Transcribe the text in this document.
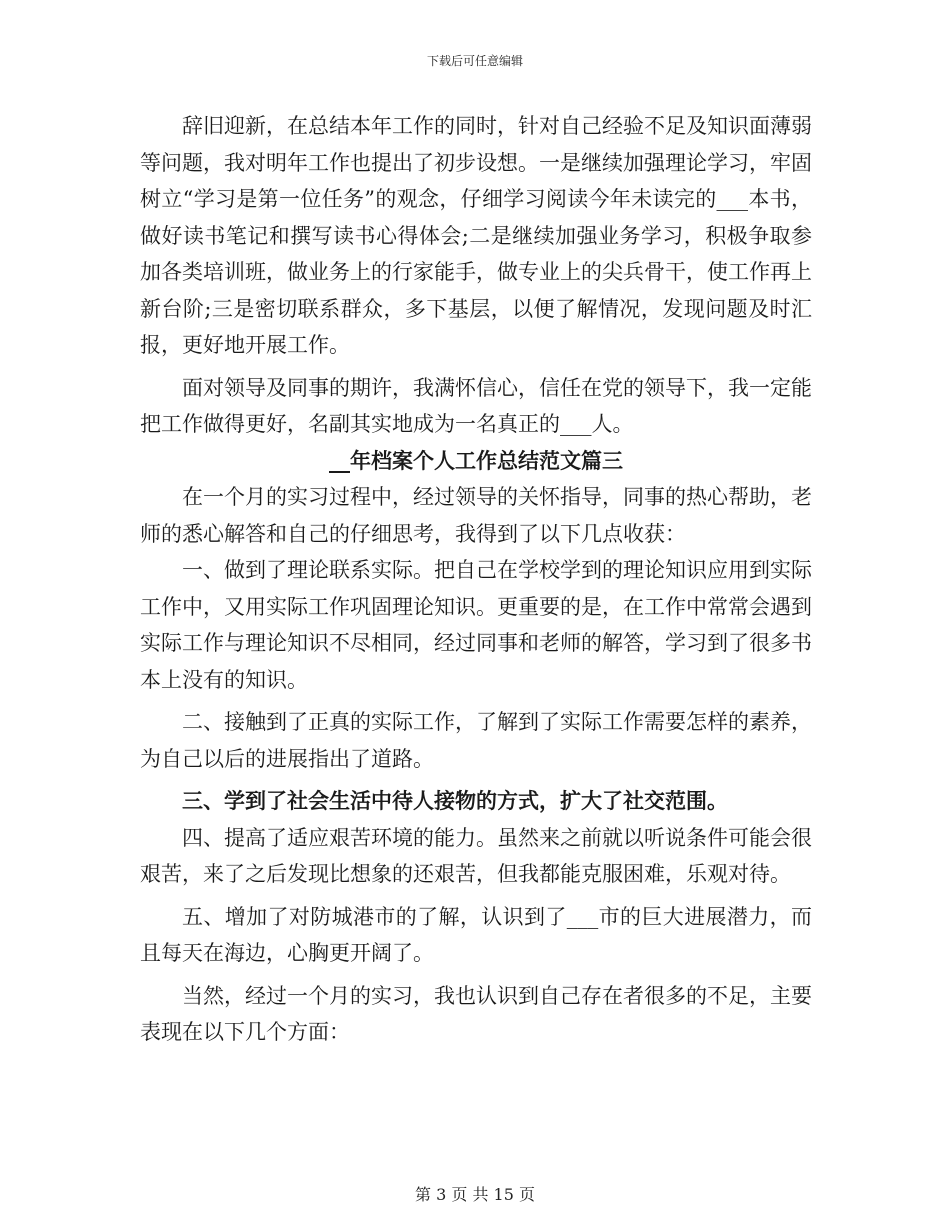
下载后可任意编辑

辞旧迎新，在总结本年工作的同时，针对自己经验不足及知识面薄弱等问题，我对明年工作也提出了初步设想。一是继续加强理论学习，牢固树立“学习是第一位任务”的观念，仔细学习阅读今年未读完的___本书，做好读书笔记和撰写读书心得体会;二是继续加强业务学习，积极争取参加各类培训班，做业务上的行家能手，做专业上的尖兵骨干，使工作再上新台阶;三是密切联系群众，多下基层，以便了解情况，发现问题及时汇报，更好地开展工作。

面对领导及同事的期许，我满怀信心，信任在党的领导下，我一定能把工作做得更好，名副其实地成为一名真正的___人。

__年档案个人工作总结范文篇三

在一个月的实习过程中，经过领导的关怀指导，同事的热心帮助，老师的悉心解答和自己的仔细思考，我得到了以下几点收获：

一、做到了理论联系实际。把自己在学校学到的理论知识应用到实际工作中，又用实际工作巩固理论知识。更重要的是，在工作中常常会遇到实际工作与理论知识不尽相同，经过同事和老师的解答，学习到了很多书本上没有的知识。

二、接触到了正真的实际工作，了解到了实际工作需要怎样的素养，为自己以后的进展指出了道路。

三、学到了社会生活中待人接物的方式，扩大了社交范围。

四、提高了适应艰苦环境的能力。虽然来之前就以听说条件可能会很艰苦，来了之后发现比想象的还艰苦，但我都能克服困难，乐观对待。

五、增加了对防城港市的了解，认识到了___市的巨大进展潜力，而且每天在海边，心胸更开阔了。

当然，经过一个月的实习，我也认识到自己存在者很多的不足，主要表现在以下几个方面：

第 3 页 共 15 页
